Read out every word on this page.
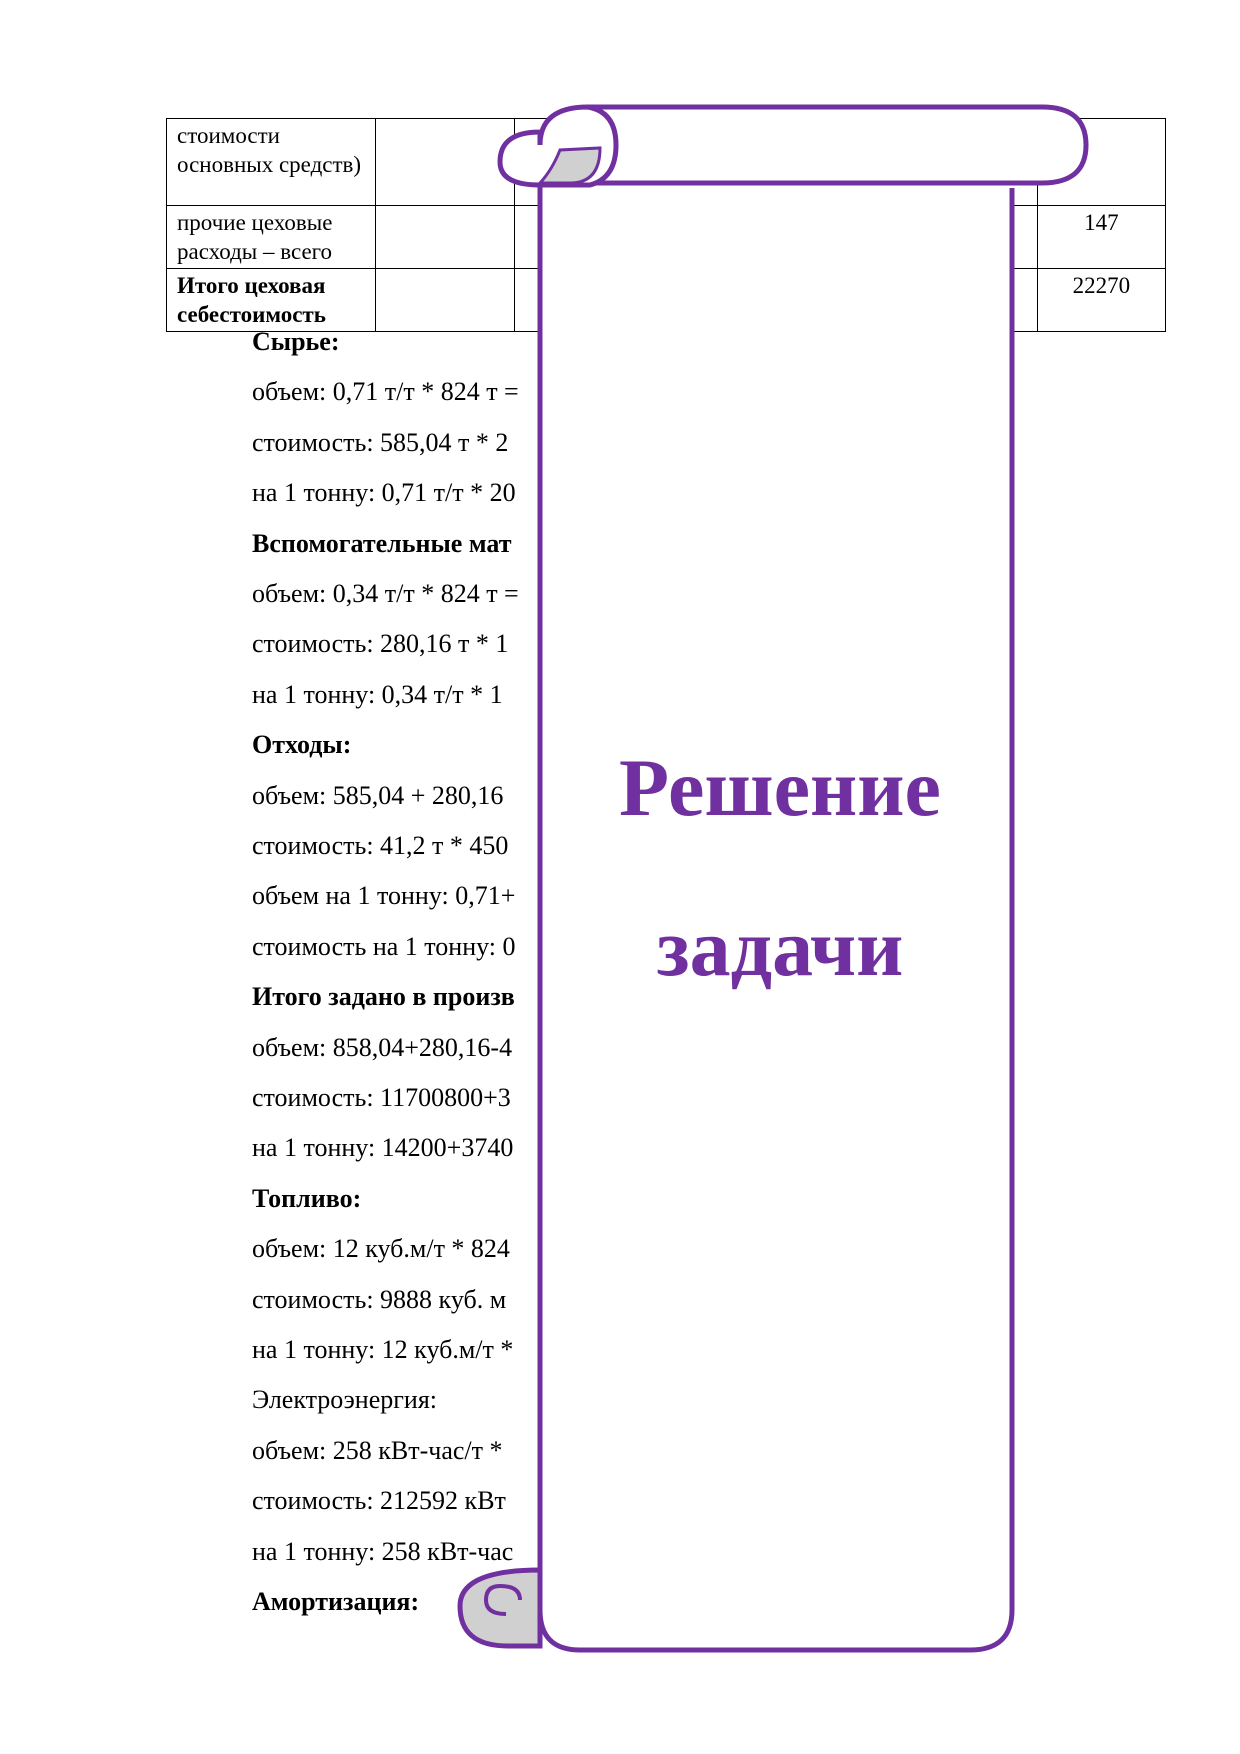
стоимости основных средств)			
прочие цеховые расходы – всего			147
Итого цеховая себестоимость			22270
Сырье:
объем: 0,71 т/т * 824 т =
стоимость: 585,04 т * 2
на 1 тонну: 0,71 т/т * 20
Вспомогательные мат
объем: 0,34 т/т * 824 т =
стоимость: 280,16 т * 1
на 1 тонну: 0,34 т/т * 1
Отходы:
объем: 585,04 + 280,16
стоимость: 41,2 т * 450
объем на 1 тонну: 0,71+
стоимость на 1 тонну: 0
Итого задано в произв
объем: 858,04+280,16-4
стоимость: 11700800+3
на 1 тонну: 14200+3740
Топливо:
объем: 12 куб.м/т * 824
стоимость: 9888 куб. м
на 1 тонну: 12 куб.м/т *
Электроэнергия:
объем: 258 кВт-час/т *
стоимость: 212592 кВт
на 1 тонну: 258 кВт-час
Амортизация:
Решение
задачи
